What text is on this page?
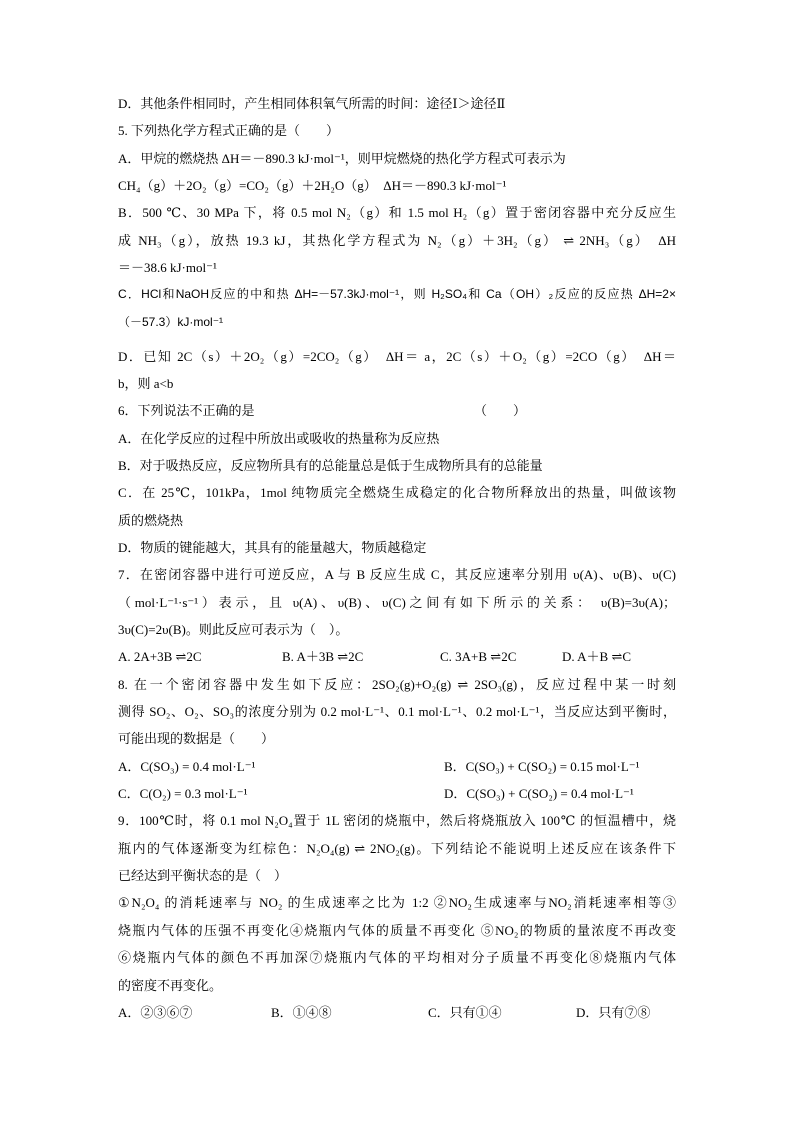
D．其他条件相同时，产生相同体积氧气所需的时间：途径Ⅰ＞途径Ⅱ
5. 下列热化学方程式正确的是（　　）
A．甲烷的燃烧热 ΔH＝－890.3 kJ·mol⁻¹，则甲烷燃烧的热化学方程式可表示为
CH₄（g）＋2O₂（g）=CO₂（g）＋2H₂O（g）　ΔH＝－890.3 kJ·mol⁻¹
B．500 ℃、30 MPa 下，将 0.5 mol N₂（g）和 1.5 mol H₂（g）置于密闭容器中充分反应生
成 NH₃（g），放热 19.3 kJ，其热化学方程式为 N₂（g）＋3H₂（g） ⇌ 2NH₃（g）　ΔH
＝－38.6 kJ·mol⁻¹
C．HCl和NaOH反应的中和热 ΔH=－57.3kJ·mol⁻¹，则 H₂SO₄和 Ca（OH）₂反应的反应热 ΔH=2×
（－57.3）kJ·mol⁻¹
D．已知 2C（s）＋2O₂（g）=2CO₂（g）　ΔH＝ a，2C（s）＋O₂（g）=2CO（g）　ΔH＝
b，则 a<b
6．下列说法不正确的是	（　　）
A．在化学反应的过程中所放出或吸收的热量称为反应热
B．对于吸热反应，反应物所具有的总能量总是低于生成物所具有的总能量
C．在 25℃，101kPa，1mol 纯物质完全燃烧生成稳定的化合物所释放出的热量，叫做该物
质的燃烧热
D．物质的键能越大，其具有的能量越大，物质越稳定
7．在密闭容器中进行可逆反应，A 与 B 反应生成 C，其反应速率分别用 υ(A)、υ(B)、υ(C)
（mol·L⁻¹·s⁻¹）表示，且 υ(A)、υ(B)、υ(C)之间有如下所示的关系： υ(B)=3υ(A)；
3υ(C)=2υ(B)。则此反应可表示为（　）。
A. 2A+3B ⇌2C	B. A＋3B ⇌2C	C. 3A+B ⇌2C	D. A＋B ⇌C
8. 在一个密闭容器中发生如下反应：2SO₂(g)+O₂(g) ⇌ 2SO₃(g)，反应过程中某一时刻
测得 SO₂、O₂、SO₃的浓度分别为 0.2 mol·L⁻¹、0.1 mol·L⁻¹、0.2 mol·L⁻¹，当反应达到平衡时，
可能出现的数据是（　　）
A．C(SO₃) = 0.4 mol·L⁻¹	B．C(SO₃) + C(SO₂) = 0.15 mol·L⁻¹
C．C(O₂) = 0.3 mol·L⁻¹	D．C(SO₃) + C(SO₂) = 0.4 mol·L⁻¹
9．100℃时，将 0.1 mol N₂O₄置于 1L 密闭的烧瓶中，然后将烧瓶放入 100℃ 的恒温槽中，烧
瓶内的气体逐渐变为红棕色：N₂O₄(g) ⇌ 2NO₂(g)。下列结论不能说明上述反应在该条件下
已经达到平衡状态的是（　）
①N₂O₄ 的消耗速率与 NO₂ 的生成速率之比为 1:2 ②NO₂生成速率与NO₂消耗速率相等③
烧瓶内气体的压强不再变化④烧瓶内气体的质量不再变化 ⑤NO₂的物质的量浓度不再改变
⑥烧瓶内气体的颜色不再加深⑦烧瓶内气体的平均相对分子质量不再变化⑧烧瓶内气体
的密度不再变化。
A．②③⑥⑦	B．①④⑧	C．只有①④	D．只有⑦⑧
